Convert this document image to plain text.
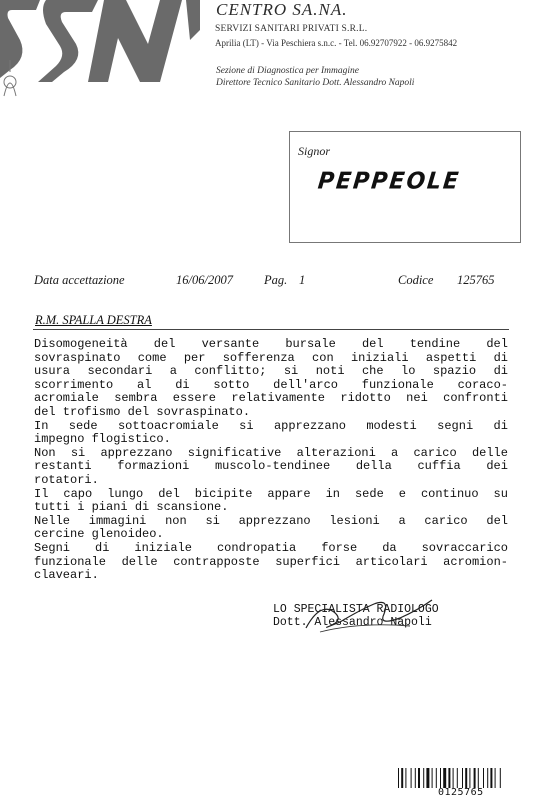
CENTRO SA.NA.
SERVIZI SANITARI PRIVATI S.R.L.
Aprilia (LT) - Via Peschiera s.n.c. - Tel. 06.92707922 - 06.9275842
Sezione di Diagnostica per Immagine
Direttore Tecnico Sanitario Dott. Alessandro Napoli
Signor
PEPPEOLE
Data accettazione	16/06/2007 Pag. 1	Codice 125765
R.M. SPALLA DESTRA
Disomogeneità del versante bursale del tendine del
sovraspinato come per sofferenza con iniziali aspetti di
usura secondari a conflitto; si noti che lo spazio di
scorrimento al di sotto dell'arco funzionale coraco-
acromiale sembra essere relativamente ridotto nei confronti
del trofismo del sovraspinato.
In sede sottoacromiale si apprezzano modesti segni di
impegno flogistico.
Non si apprezzano significative alterazioni a carico delle
restanti formazioni muscolo-tendinee della cuffia dei
rotatori.
Il capo lungo del bicipite appare in sede e continuo su
tutti i piani di scansione.
Nelle immagini non si apprezzano lesioni a carico del
cercine glenoideo.
Segni di iniziale condropatia forse da sovraccarico
funzionale delle contrapposte superfici articolari acromion-
claveari.
LO SPECIALISTA RADIOLOGO
Dott. Alessandro Napoli
0125765
